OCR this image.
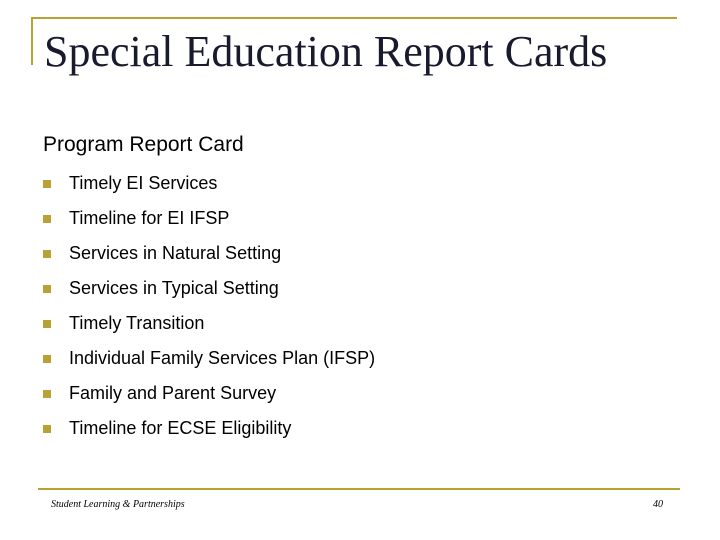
Special Education Report Cards
Program Report Card
Timely EI Services
Timeline for EI IFSP
Services in Natural Setting
Services in Typical Setting
Timely Transition
Individual Family Services Plan (IFSP)
Family and Parent Survey
Timeline for ECSE Eligibility
Student Learning & Partnerships	40
